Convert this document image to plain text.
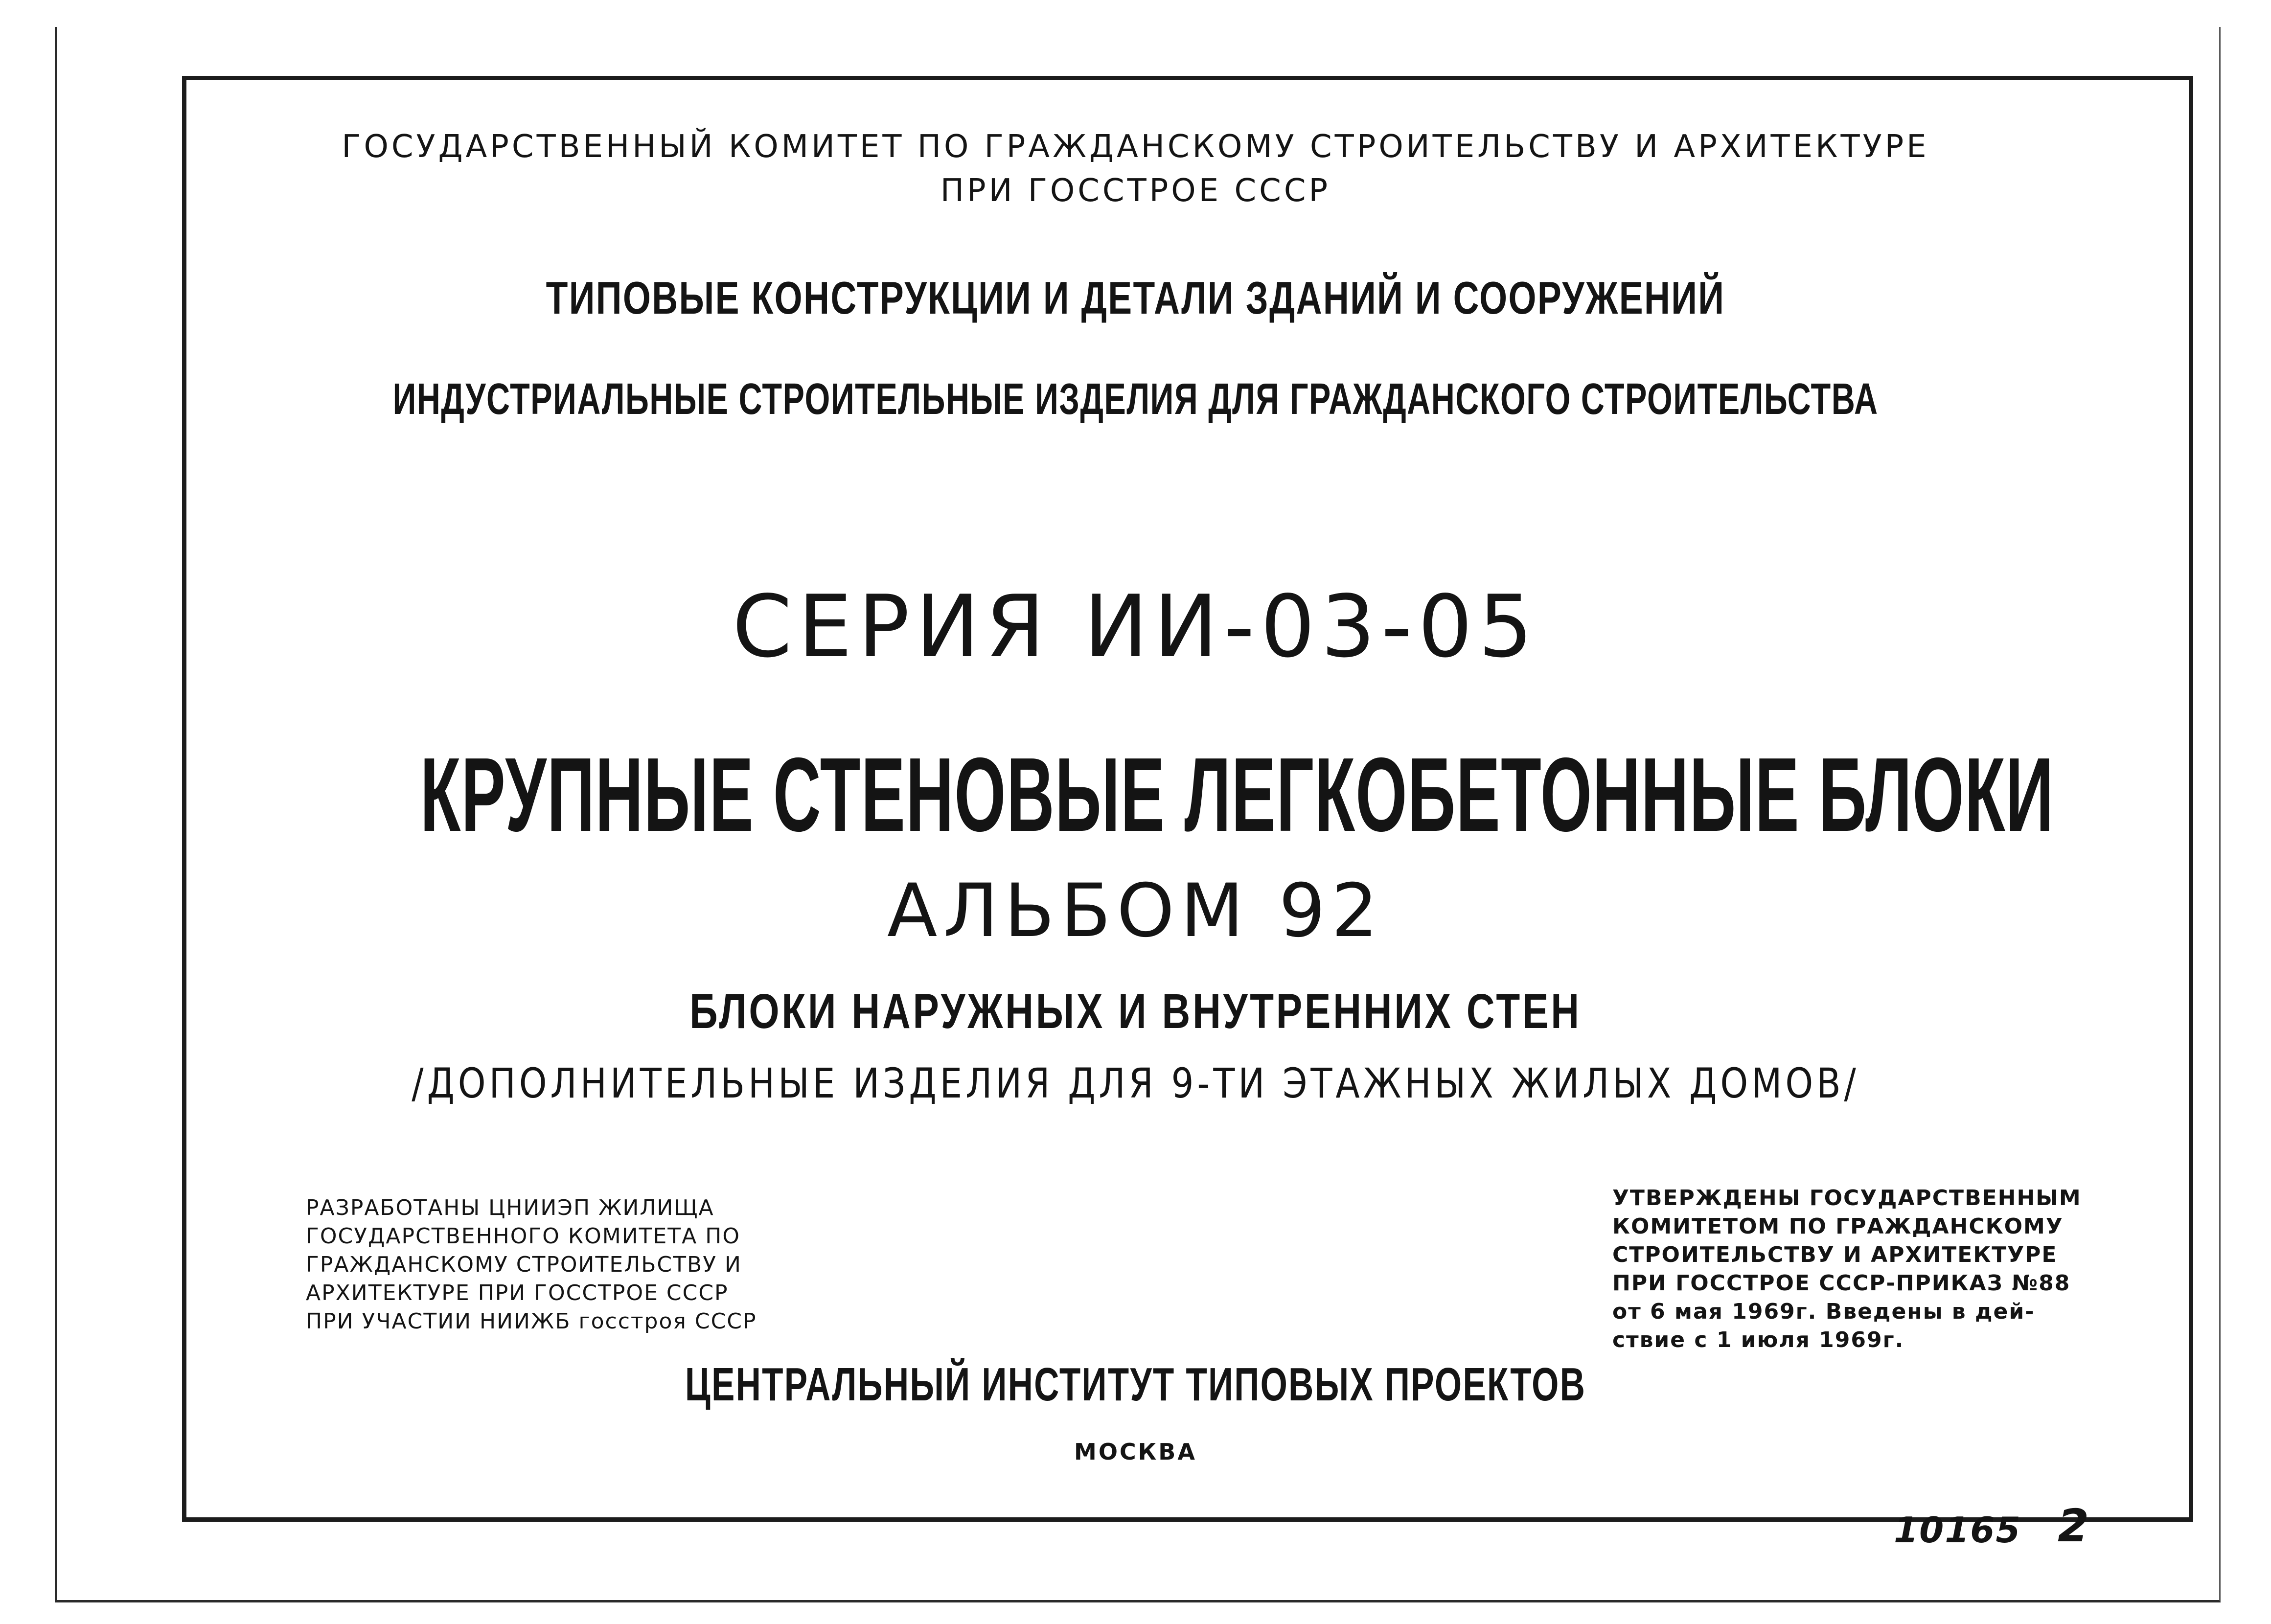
ГОСУДАРСТВЕННЫЙ КОМИТЕТ ПО ГРАЖДАНСКОМУ СТРОИТЕЛЬСТВУ И АРХИТЕКТУРЕ
ПРИ ГОССТРОЕ СССР
ТИПОВЫЕ КОНСТРУКЦИИ И ДЕТАЛИ ЗДАНИЙ И СООРУЖЕНИЙ
ИНДУСТРИАЛЬНЫЕ СТРОИТЕЛЬНЫЕ ИЗДЕЛИЯ ДЛЯ ГРАЖДАНСКОГО СТРОИТЕЛЬСТВА
СЕРИЯ ИИ-03-05
КРУПНЫЕ СТЕНОВЫЕ ЛЕГКОБЕТОННЫЕ БЛОКИ
АЛЬБОМ 92
БЛОКИ НАРУЖНЫХ И ВНУТРЕННИХ СТЕН

/ДОПОЛНИТЕЛЬНЫЕ ИЗДЕЛИЯ ДЛЯ 9-ТИ ЭТАЖНЫХ ЖИЛЫХ ДОМОВ/

РАЗРАБОТАНЫ ЦНИИЭП ЖИЛИЩА
ГОСУДАРСТВЕННОГО КОМИТЕТА ПО
ГРАЖДАНСКОМУ СТРОИТЕЛЬСТВУ И
АРХИТЕКТУРЕ ПРИ ГОССТРОЕ СССР
ПРИ УЧАСТИИ НИИЖБ госстроя СССР
УТВЕРЖДЕНЫ ГОСУДАРСТВЕННЫМ
КОМИТЕТОМ ПО ГРАЖДАНСКОМУ
СТРОИТЕЛЬСТВУ И АРХИТЕКТУРЕ
ПРИ ГОССТРОЕ СССР-ПРИКАЗ №88
от 6 мая 1969г. Введены в дей-
ствие с 1 июля 1969г.
ЦЕНТРАЛЬНЫЙ ИНСТИТУТ ТИПОВЫХ ПРОЕКТОВ

МОСКВА

10165 2
